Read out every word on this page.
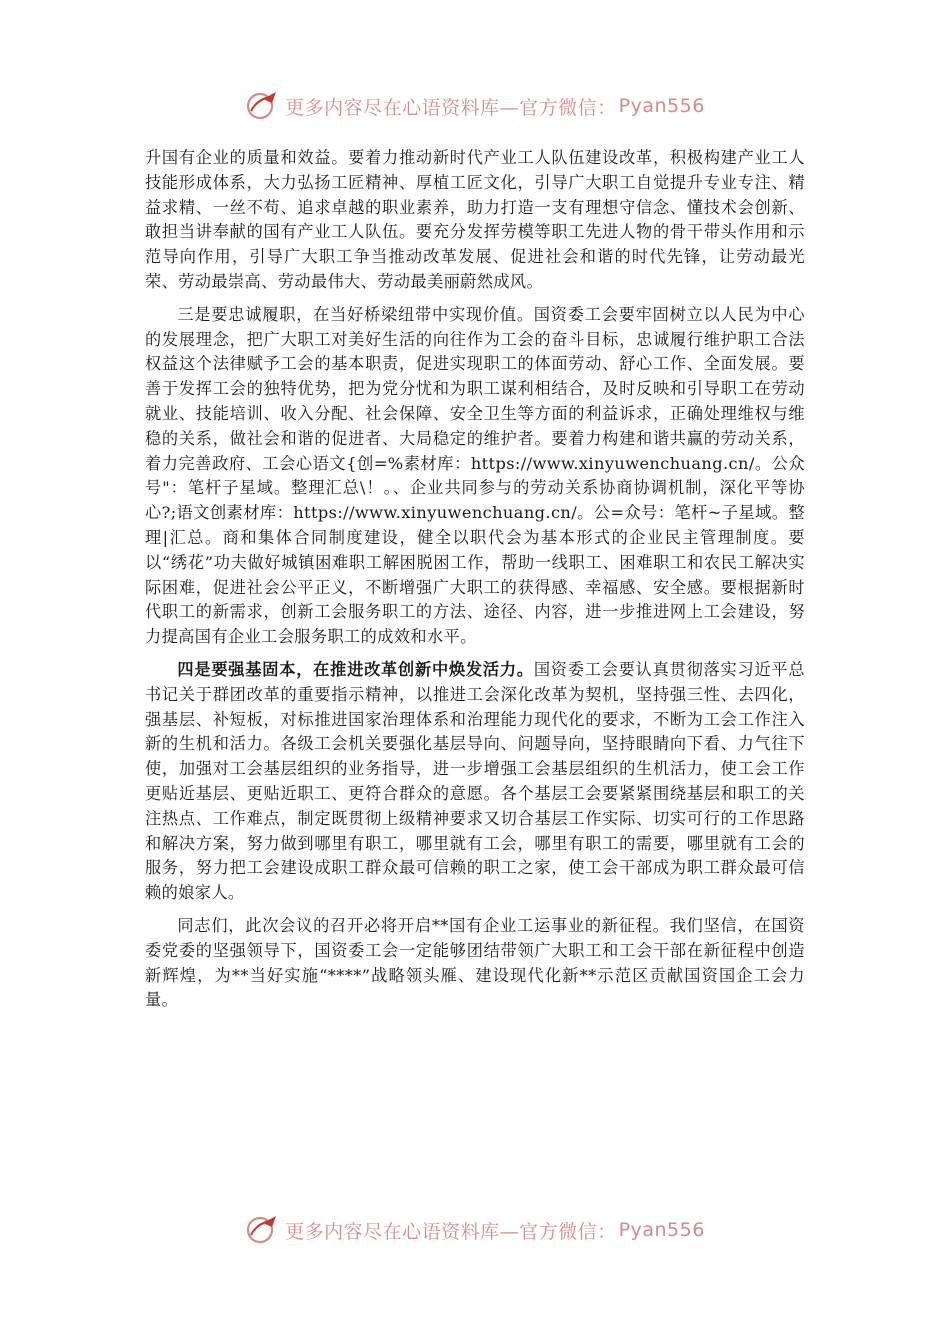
更多内容尽在心语资料库—官方微信： Pyan556

升国有企业的质量和效益。要着力推动新时代产业工人队伍建设改革，积极构建产业工人技能形成体系，大力弘扬工匠精神、厚植工匠文化，引导广大职工自觉提升专业专注、精益求精、一丝不苟、追求卓越的职业素养，助力打造一支有理想守信念、懂技术会创新、敢担当讲奉献的国有产业工人队伍。要充分发挥劳模等职工先进人物的骨干带头作用和示范导向作用，引导广大职工争当推动改革发展、促进社会和谐的时代先锋，让劳动最光荣、劳动最崇高、劳动最伟大、劳动最美丽蔚然成风。

三是要忠诚履职，在当好桥梁纽带中实现价值。国资委工会要牢固树立以人民为中心的发展理念，把广大职工对美好生活的向往作为工会的奋斗目标，忠诚履行维护职工合法权益这个法律赋予工会的基本职责，促进实现职工的体面劳动、舒心工作、全面发展。要善于发挥工会的独特优势，把为党分忧和为职工谋利相结合，及时反映和引导职工在劳动就业、技能培训、收入分配、社会保障、安全卫生等方面的利益诉求，正确处理维权与维稳的关系，做社会和谐的促进者、大局稳定的维护者。要着力构建和谐共赢的劳动关系，着力完善政府、工会心语文{创=%素材库：https://www.xinyuwenchuang.cn/。公众号"：笔杆子星域。整理汇总\！。、企业共同参与的劳动关系协商协调机制，深化平等协心?;语文创素材库：https://www.xinyuwenchuang.cn/。公=众号：笔杆~子星域。整理|汇总。商和集体合同制度建设，健全以职代会为基本形式的企业民主管理制度。要以“绣花”功夫做好城镇困难职工解困脱困工作，帮助一线职工、困难职工和农民工解决实际困难，促进社会公平正义，不断增强广大职工的获得感、幸福感、安全感。要根据新时代职工的新需求，创新工会服务职工的方法、途径、内容，进一步推进网上工会建设，努力提高国有企业工会服务职工的成效和水平。

四是要强基固本，在推进改革创新中焕发活力。国资委工会要认真贯彻落实习近平总书记关于群团改革的重要指示精神，以推进工会深化改革为契机，坚持强三性、去四化，强基层、补短板，对标推进国家治理体系和治理能力现代化的要求，不断为工会工作注入新的生机和活力。各级工会机关要强化基层导向、问题导向，坚持眼睛向下看、力气往下使，加强对工会基层组织的业务指导，进一步增强工会基层组织的生机活力，使工会工作更贴近基层、更贴近职工、更符合群众的意愿。各个基层工会要紧紧围绕基层和职工的关注热点、工作难点，制定既贯彻上级精神要求又切合基层工作实际、切实可行的工作思路和解决方案，努力做到哪里有职工，哪里就有工会，哪里有职工的需要，哪里就有工会的服务，努力把工会建设成职工群众最可信赖的职工之家，使工会干部成为职工群众最可信赖的娘家人。

同志们，此次会议的召开必将开启**国有企业工运事业的新征程。我们坚信，在国资委党委的坚强领导下，国资委工会一定能够团结带领广大职工和工会干部在新征程中创造新辉煌，为**当好实施“****”战略领头雁、建设现代化新**示范区贡献国资国企工会力量。

更多内容尽在心语资料库—官方微信： Pyan556
